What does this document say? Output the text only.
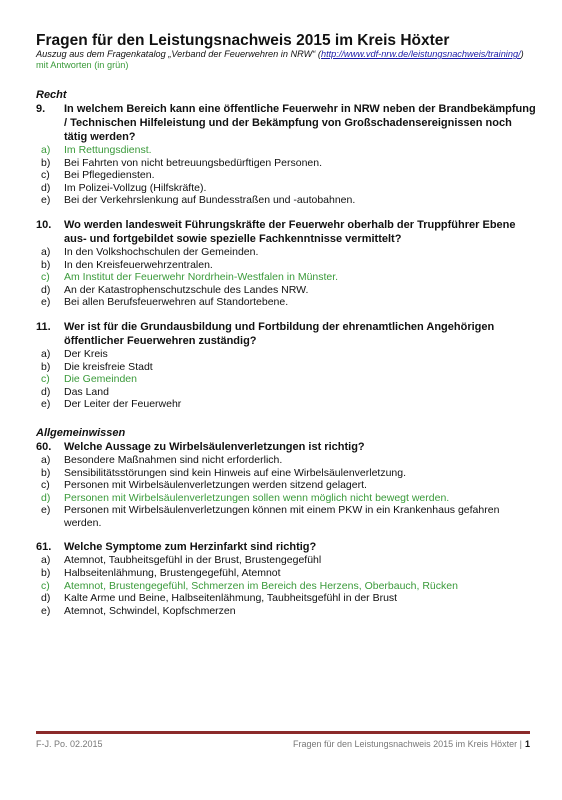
Fragen für den Leistungsnachweis 2015 im Kreis Höxter
Auszug aus dem Fragenkatalog „Verband der Feuerwehren in NRW“ (http://www.vdf-nrw.de/leistungsnachweis/training/)
mit Antworten (in grün)
Recht
9.	In welchem Bereich kann eine öffentliche Feuerwehr in NRW neben der Brandbekämpfung / Technischen Hilfeleistung und der Bekämpfung von Großschadensereignissen noch tätig werden?
a)	Im Rettungsdienst.
b)	Bei Fahrten von nicht betreuungsbedürftigen Personen.
c)	Bei Pflegediensten.
d)	Im Polizei-Vollzug (Hilfskräfte).
e)	Bei der Verkehrslenkung auf Bundesstraßen und -autobahnen.
10.	Wo werden landesweit Führungskräfte der Feuerwehr oberhalb der Truppführer Ebene aus- und fortgebildet sowie spezielle Fachkenntnisse vermittelt?
a)	In den Volkshochschulen der Gemeinden.
b)	In den Kreisfeuerwehrzentralen.
c)	Am Institut der Feuerwehr Nordrhein-Westfalen in Münster.
d)	An der Katastrophenschutzschule des Landes NRW.
e)	Bei allen Berufsfeuerwehren auf Standortebene.
11.	Wer ist für die Grundausbildung und Fortbildung der ehrenamtlichen Angehörigen öffentlicher Feuerwehren zuständig?
a)	Der Kreis
b)	Die kreisfreie Stadt
c)	Die Gemeinden
d)	Das Land
e)	Der Leiter der Feuerwehr
Allgemeinwissen
60.	Welche Aussage zu Wirbelsäulenverletzungen ist richtig?
a)	Besondere Maßnahmen sind nicht erforderlich.
b)	Sensibilitätsstörungen sind kein Hinweis auf eine Wirbelsäulenverletzung.
c)	Personen mit Wirbelsäulenverletzungen werden sitzend gelagert.
d)	Personen mit Wirbelsäulenverletzungen sollen wenn möglich nicht bewegt werden.
e)	Personen mit Wirbelsäulenverletzungen können mit einem PKW in ein Krankenhaus gefahren werden.
61.	Welche Symptome zum Herzinfarkt sind richtig?
a)	Atemnot, Taubheitsgefühl in der Brust, Brustengegefühl
b)	Halbseitenlähmung, Brustengegefühl, Atemnot
c)	Atemnot, Brustengegefühl, Schmerzen im Bereich des Herzens, Oberbauch, Rücken
d)	Kalte Arme und Beine, Halbseitenlähmung, Taubheitsgefühl in der Brust
e)	Atemnot, Schwindel, Kopfschmerzen
F-J. Po. 02.2015	Fragen für den Leistungsnachweis 2015 im Kreis Höxter | 1
